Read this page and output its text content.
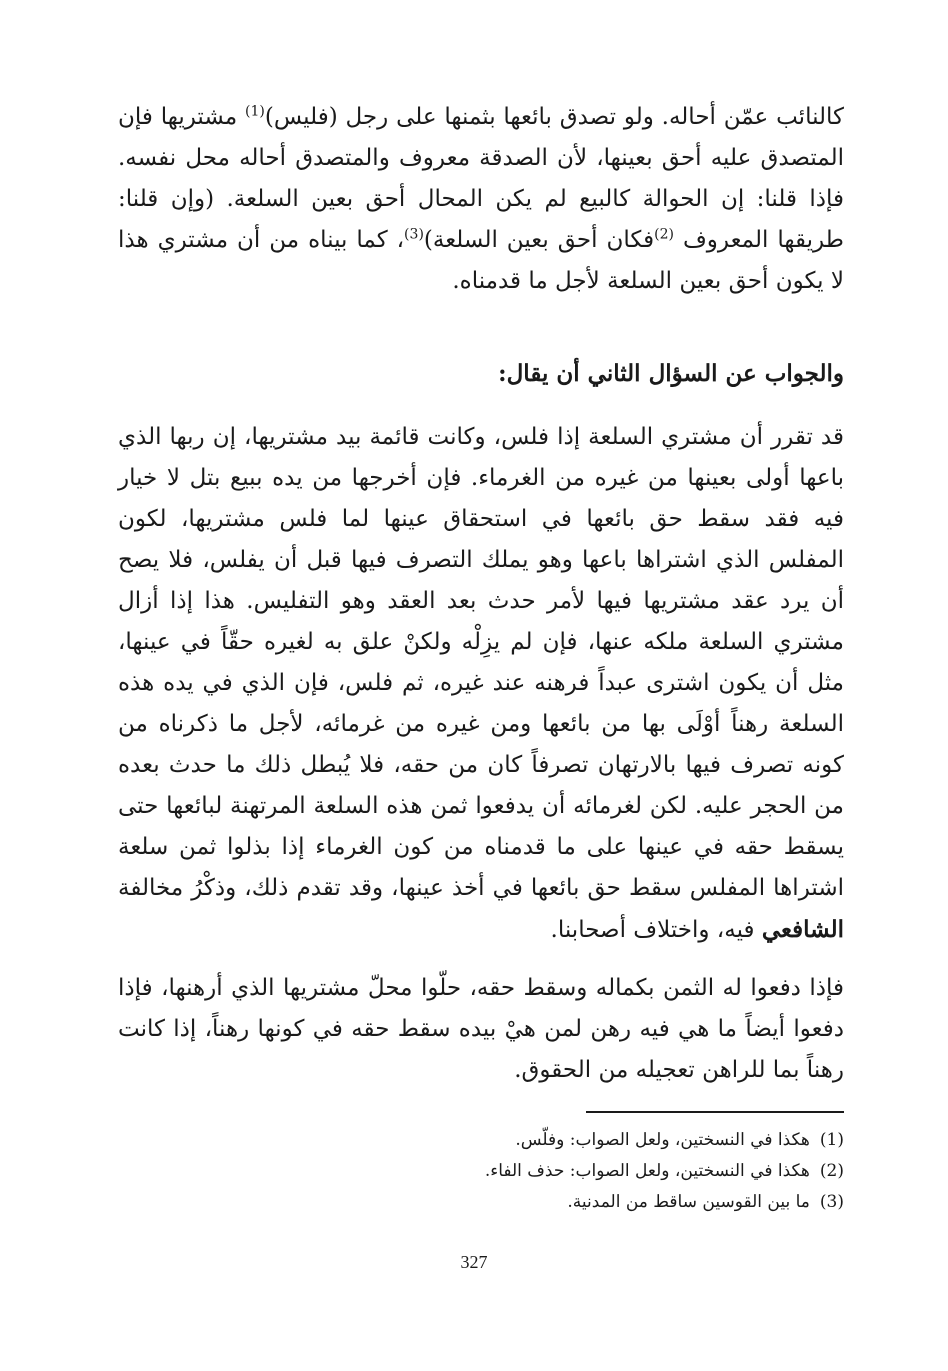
كالنائب عمّن أحاله. ولو تصدق بائعها بثمنها على رجل (فليس)$^{(1)}$ مشتريها فإن المتصدق عليه أحق بعينها، لأن الصدقة معروف والمتصدق أحاله محل نفسه. فإذا قلنا: إن الحوالة كالبيع لم يكن المحال أحق بعين السلعة. (وإن قلنا: طريقها المعروف $^{(2)}$فكان أحق بعين السلعة)$^{(3)}$، كما بيناه من أن مشتري هذا لا يكون أحق بعين السلعة لأجل ما قدمناه.
والجواب عن السؤال الثاني أن يقال:
قد تقرر أن مشتري السلعة إذا فلس، وكانت قائمة بيد مشتريها، إن ربها الذي باعها أولى بعينها من غيره من الغرماء. فإن أخرجها من يده ببيع بتل لا خيار فيه فقد سقط حق بائعها في استحقاق عينها لما فلس مشتريها، لكون المفلس الذي اشتراها باعها وهو يملك التصرف فيها قبل أن يفلس، فلا يصح أن يرد عقد مشتريها فيها لأمر حدث بعد العقد وهو التفليس. هذا إذا أزال مشتري السلعة ملكه عنها، فإن لم يزِلْه ولكنْ علق به لغيره حقّاً في عينها، مثل أن يكون اشترى عبداً فرهنه عند غيره، ثم فلس، فإن الذي في يده هذه السلعة رهناً أوْلَى بها من بائعها ومن غيره من غرمائه، لأجل ما ذكرناه من كونه تصرف فيها بالارتهان تصرفاً كان من حقه، فلا يُبطل ذلك ما حدث بعده من الحجر عليه. لكن لغرمائه أن يدفعوا ثمن هذه السلعة المرتهنة لبائعها حتى يسقط حقه في عينها على ما قدمناه من كون الغرماء إذا بذلوا ثمن سلعة اشتراها المفلس سقط حق بائعها في أخذ عينها، وقد تقدم ذلك، وذكْرُ مخالفة الشافعي فيه، واختلاف أصحابنا.
فإذا دفعوا له الثمن بكماله وسقط حقه، حلّوا محلّ مشتريها الذي أرهنها، فإذا دفعوا أيضاً ما هي فيه رهن لمن هيْ بيده سقط حقه في كونها رهناً، إذا كانت رهناً بما للراهن تعجيله من الحقوق.
(1)هكذا في النسختين، ولعل الصواب: وفلّس.
(2)هكذا في النسختين، ولعل الصواب: حذف الفاء.
(3)ما بين القوسين ساقط من المدنية.
327
